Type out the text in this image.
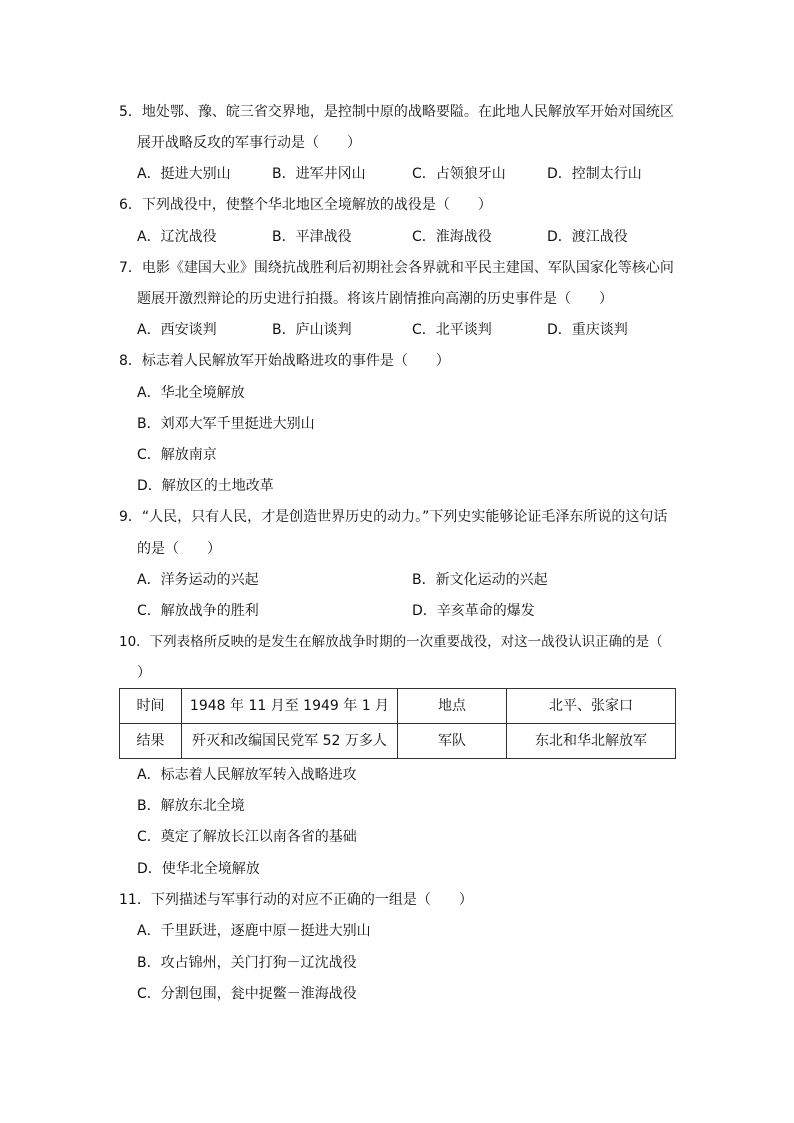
5．地处鄂、豫、皖三省交界地，是控制中原的战略要隘。在此地人民解放军开始对国统区
展开战略反攻的军事行动是（　　）
A．挺进大别山	B．进军井冈山	C．占领狼牙山	D．控制太行山
6．下列战役中，使整个华北地区全境解放的战役是（　　）
A．辽沈战役	B．平津战役	C．淮海战役	D．渡江战役
7．电影《建国大业》围绕抗战胜利后初期社会各界就和平民主建国、军队国家化等核心问
题展开激烈辩论的历史进行拍摄。将该片剧情推向高潮的历史事件是（　　）
A．西安谈判	B．庐山谈判	C．北平谈判	D．重庆谈判
8．标志着人民解放军开始战略进攻的事件是（　　）
A．华北全境解放
B．刘邓大军千里挺进大别山
C．解放南京
D．解放区的土地改革
9．“人民，只有人民，才是创造世界历史的动力。”下列史实能够论证毛泽东所说的这句话
的是（　　）
A．洋务运动的兴起	B．新文化运动的兴起
C．解放战争的胜利	D．辛亥革命的爆发
10．下列表格所反映的是发生在解放战争时期的一次重要战役，对这一战役认识正确的是（
）
时间	1948 年 11 月至 1949 年 1 月	地点	北平、张家口
结果	歼灭和改编国民党军 52 万多人	军队	东北和华北解放军
A．标志着人民解放军转入战略进攻
B．解放东北全境
C．奠定了解放长江以南各省的基础
D．使华北全境解放
11．下列描述与军事行动的对应不正确的一组是（　　）
A．千里跃进，逐鹿中原－挺进大别山
B．攻占锦州，关门打狗－辽沈战役
C．分割包围，瓮中捉鳖－淮海战役
